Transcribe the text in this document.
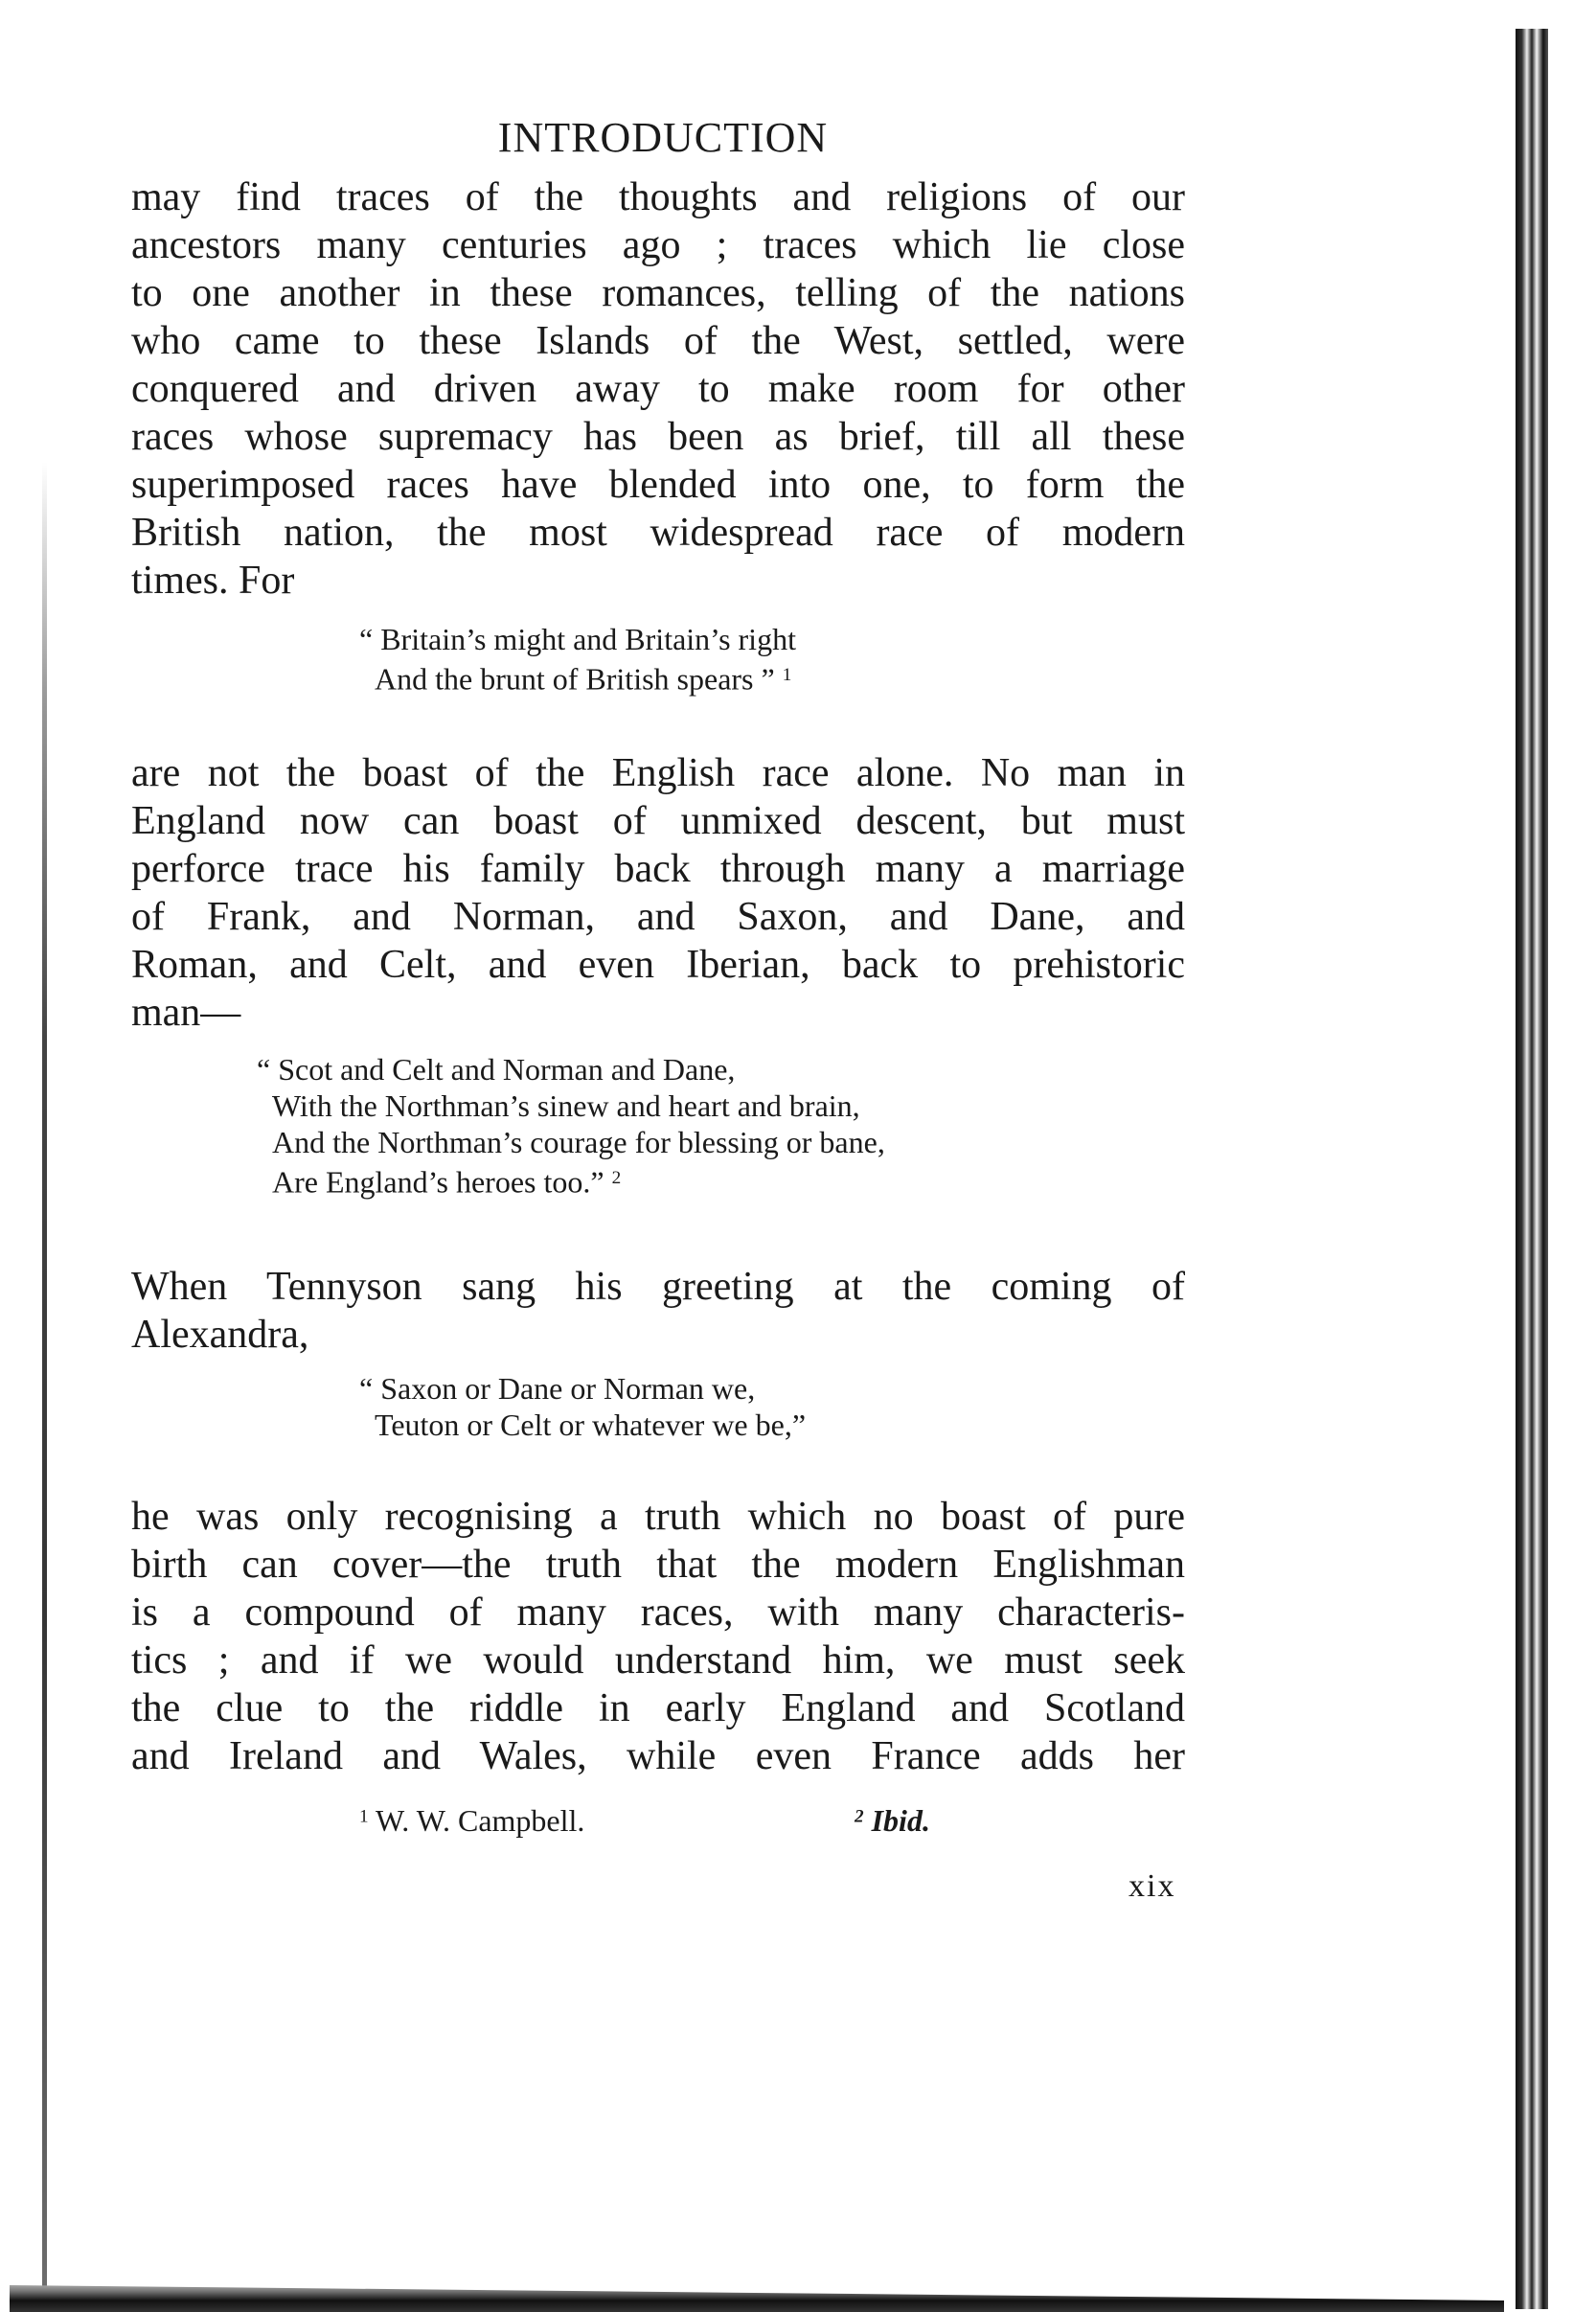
INTRODUCTION
may find traces of the thoughts and religions of our
ancestors many centuries ago ; traces which lie close
to one another in these romances, telling of the nations
who came to these Islands of the West, settled, were
conquered and driven away to make room for other
races whose supremacy has been as brief, till all these
superimposed races have blended into one, to form the
British nation, the most widespread race of modern
times. For
“ Britain’s might and Britain’s right
And the brunt of British spears ” $^1$
are not the boast of the English race alone. No man in
England now can boast of unmixed descent, but must
perforce trace his family back through many a marriage
of Frank, and Norman, and Saxon, and Dane, and
Roman, and Celt, and even Iberian, back to prehistoric
man—
“ Scot and Celt and Norman and Dane,
With the Northman’s sinew and heart and brain,
And the Northman’s courage for blessing or bane,
Are England’s heroes too.” $^2$
When Tennyson sang his greeting at the coming of
Alexandra,
“ Saxon or Dane or Norman we,
Teuton or Celt or whatever we be,”
he was only recognising a truth which no boast of pure
birth can cover—the truth that the modern Englishman
is a compound of many races, with many characteris-
tics ; and if we would understand him, we must seek
the clue to the riddle in early England and Scotland
and Ireland and Wales, while even France adds her
$^1$ W. W. Campbell.	$^2$ Ibid.
xix
